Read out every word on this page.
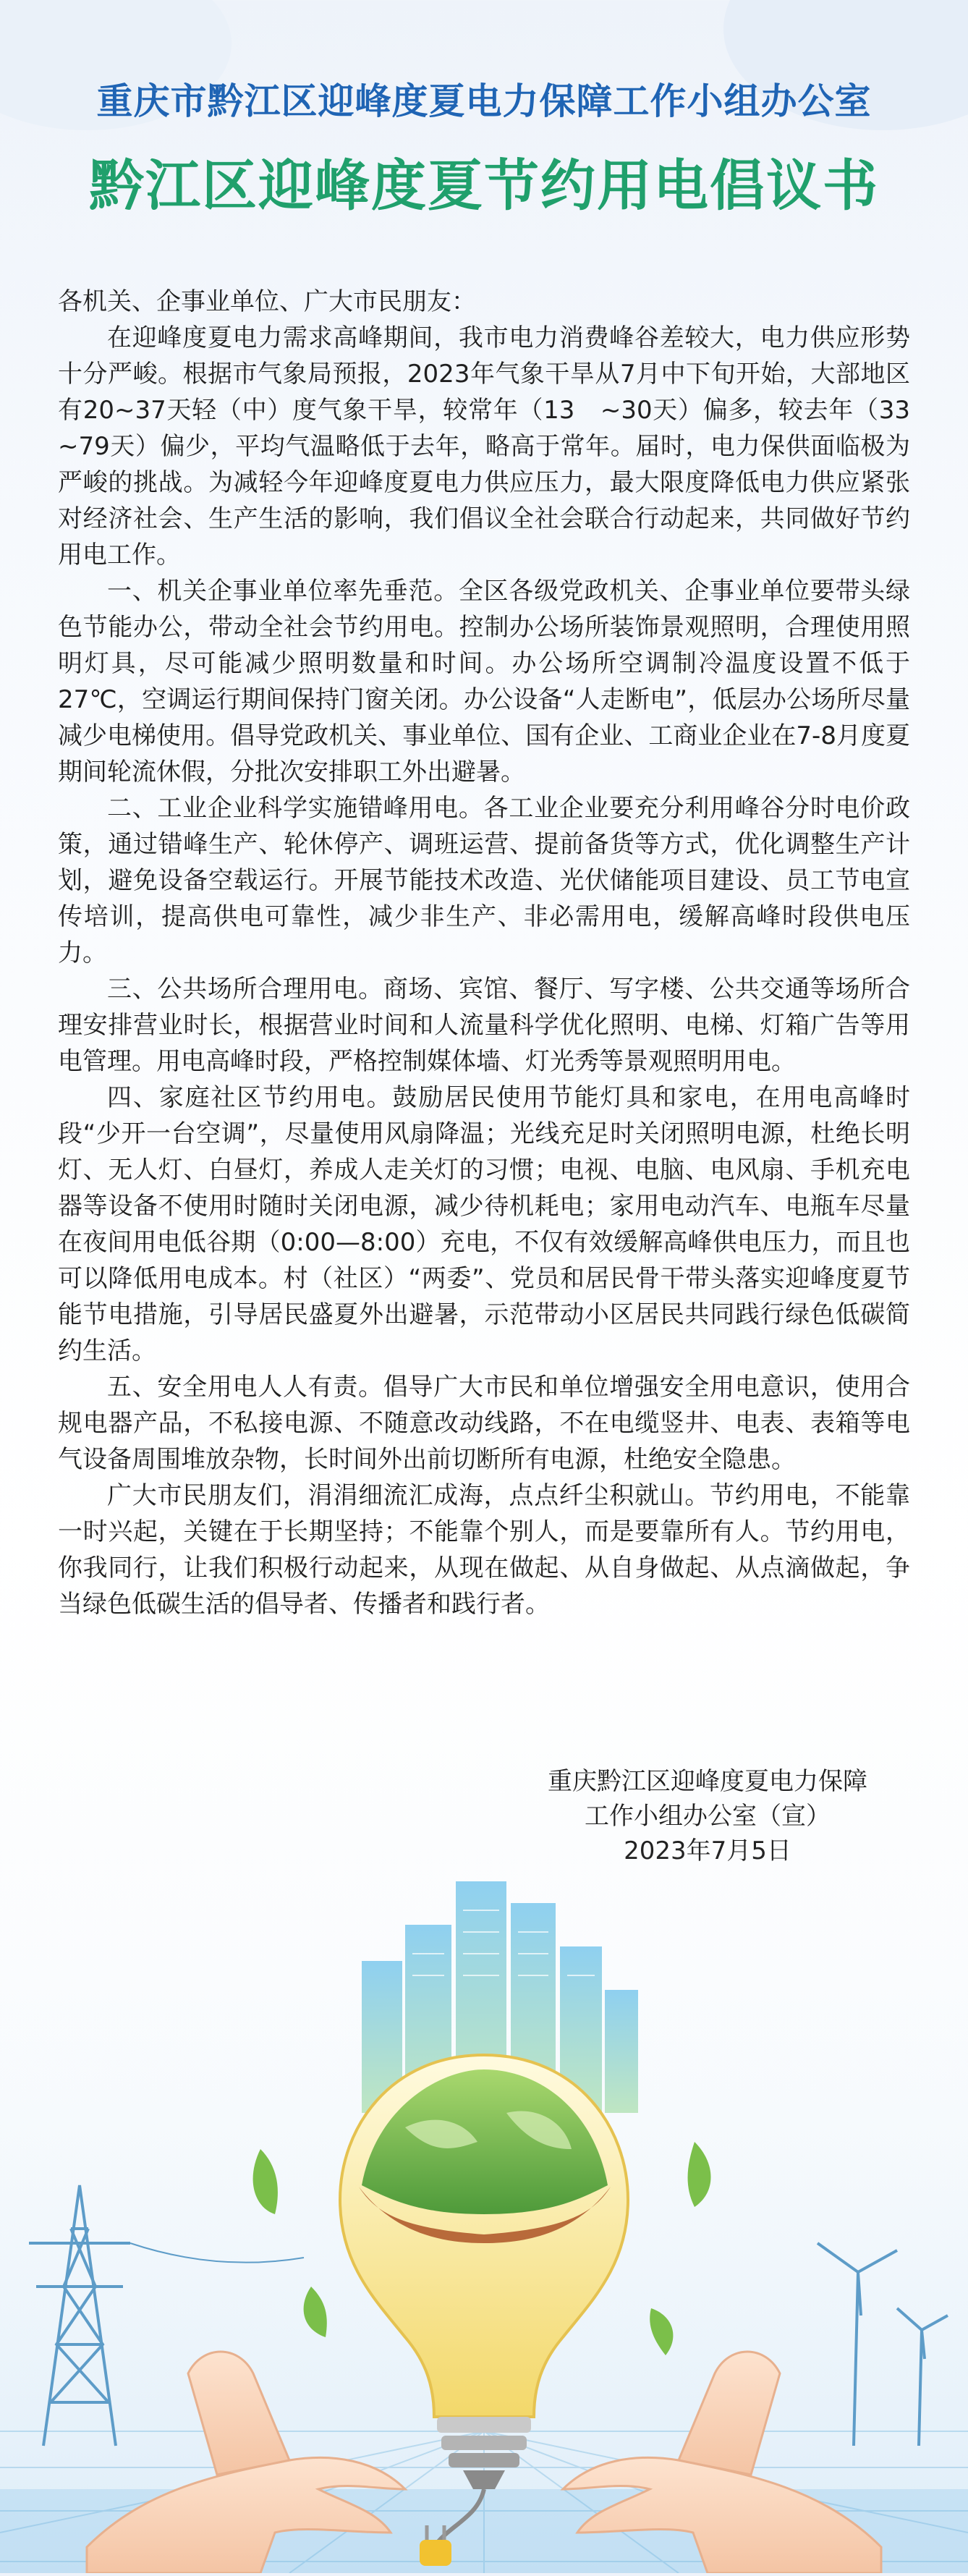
重庆市黔江区迎峰度夏电力保障工作小组办公室
黔江区迎峰度夏节约用电倡议书

各机关、企事业单位、广大市民朋友：

在迎峰度夏电力需求高峰期间，我市电力消费峰谷差较大，电力供应形势十分严峻。根据市气象局预报，2023年气象干旱从7月中下旬开始，大部地区有20~37天轻（中）度气象干旱，较常年（13　~30天）偏多，较去年（33　　~79天）偏少，平均气温略低于去年，略高于常年。届时，电力保供面临极为严峻的挑战。为减轻今年迎峰度夏电力供应压力，最大限度降低电力供应紧张对经济社会、生产生活的影响，我们倡议全社会联合行动起来，共同做好节约用电工作。

一、机关企事业单位率先垂范。全区各级党政机关、企事业单位要带头绿色节能办公，带动全社会节约用电。控制办公场所装饰景观照明，合理使用照明灯具，尽可能减少照明数量和时间。办公场所空调制冷温度设置不低于27℃，空调运行期间保持门窗关闭。办公设备“人走断电”，低层办公场所尽量减少电梯使用。倡导党政机关、事业单位、国有企业、工商业企业在7-8月度夏期间轮流休假，分批次安排职工外出避暑。

二、工业企业科学实施错峰用电。各工业企业要充分利用峰谷分时电价政策，通过错峰生产、轮休停产、调班运营、提前备货等方式，优化调整生产计划，避免设备空载运行。开展节能技术改造、光伏储能项目建设、员工节电宣传培训，提高供电可靠性，减少非生产、非必需用电，缓解高峰时段供电压力。

三、公共场所合理用电。商场、宾馆、餐厅、写字楼、公共交通等场所合理安排营业时长，根据营业时间和人流量科学优化照明、电梯、灯箱广告等用电管理。用电高峰时段，严格控制媒体墙、灯光秀等景观照明用电。

四、家庭社区节约用电。鼓励居民使用节能灯具和家电，在用电高峰时段“少开一台空调”，尽量使用风扇降温；光线充足时关闭照明电源，杜绝长明灯、无人灯、白昼灯，养成人走关灯的习惯；电视、电脑、电风扇、手机充电器等设备不使用时随时关闭电源，减少待机耗电；家用电动汽车、电瓶车尽量在夜间用电低谷期（0:00—8:00）充电，不仅有效缓解高峰供电压力，而且也可以降低用电成本。村（社区）“两委”、党员和居民骨干带头落实迎峰度夏节能节电措施，引导居民盛夏外出避暑，示范带动小区居民共同践行绿色低碳简约生活。

五、安全用电人人有责。倡导广大市民和单位增强安全用电意识，使用合规电器产品，不私接电源、不随意改动线路，不在电缆竖井、电表、表箱等电气设备周围堆放杂物，长时间外出前切断所有电源，杜绝安全隐患。

广大市民朋友们，涓涓细流汇成海，点点纤尘积就山。节约用电，不能靠一时兴起，关键在于长期坚持；不能靠个别人，而是要靠所有人。节约用电，你我同行，让我们积极行动起来，从现在做起、从自身做起、从点滴做起，争当绿色低碳生活的倡导者、传播者和践行者。

重庆黔江区迎峰度夏电力保障
工作小组办公室（宣）
